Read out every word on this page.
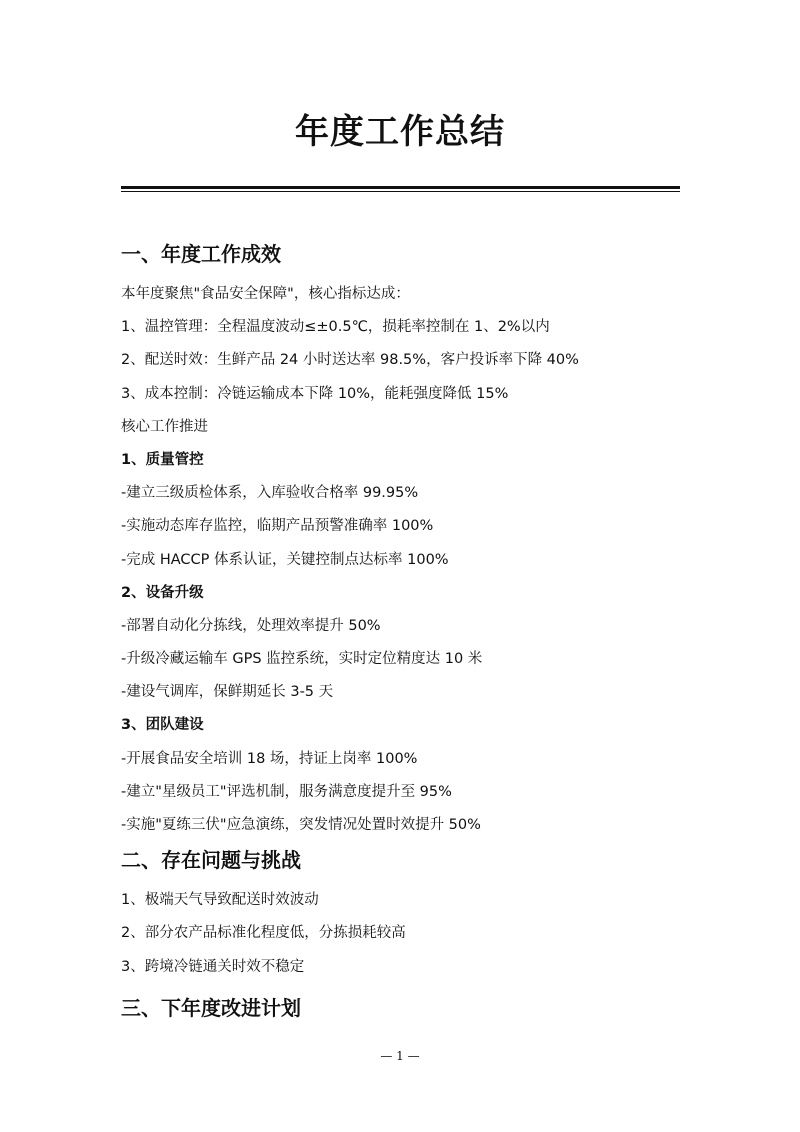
年度工作总结
一、年度工作成效
本年度聚焦"食品安全保障"，核心指标达成：
1、温控管理：全程温度波动≤±0.5℃，损耗率控制在 1、2%以内
2、配送时效：生鲜产品 24 小时送达率 98.5%，客户投诉率下降 40%
3、成本控制：冷链运输成本下降 10%，能耗强度降低 15%
核心工作推进
1、质量管控
-建立三级质检体系，入库验收合格率 99.95%
-实施动态库存监控，临期产品预警准确率 100%
-完成 HACCP 体系认证，关键控制点达标率 100%
2、设备升级
-部署自动化分拣线，处理效率提升 50%
-升级冷藏运输车 GPS 监控系统，实时定位精度达 10 米
-建设气调库，保鲜期延长 3-5 天
3、团队建设
-开展食品安全培训 18 场，持证上岗率 100%
-建立"星级员工"评选机制，服务满意度提升至 95%
-实施"夏练三伏"应急演练，突发情况处置时效提升 50%
二、存在问题与挑战
1、极端天气导致配送时效波动
2、部分农产品标准化程度低，分拣损耗较高
3、跨境冷链通关时效不稳定
三、下年度改进计划
— 1 —
